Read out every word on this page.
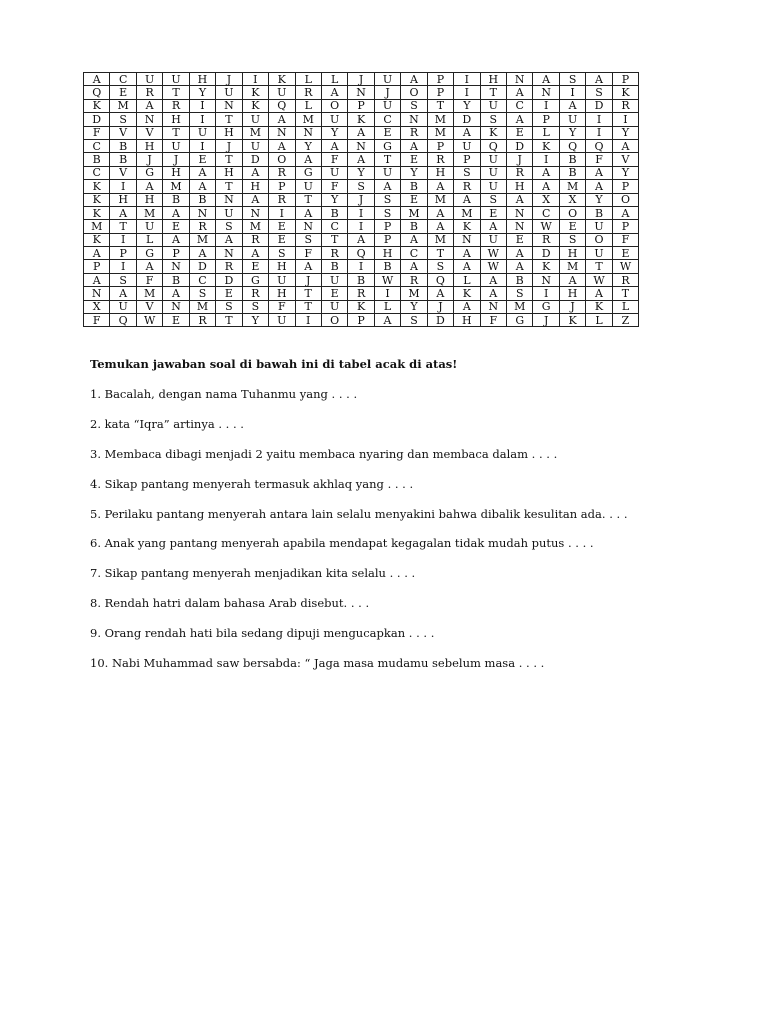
A	C	U	U	H	J	I	K	L	L	J	U	A	P	I	H	N	A	S	A	P
Q	E	R	T	Y	U	K	U	R	A	N	J	O	P	I	T	A	N	I	S	K
K	M	A	R	I	N	K	Q	L	O	P	U	S	T	Y	U	C	I	A	D	R
D	S	N	H	I	T	U	A	M	U	K	C	N	M	D	S	A	P	U	I	I
F	V	V	T	U	H	M	N	N	Y	A	E	R	M	A	K	E	L	Y	I	Y
C	B	H	U	I	J	U	A	Y	A	N	G	A	P	U	Q	D	K	Q	Q	A
B	B	J	J	E	T	D	O	A	F	A	T	E	R	P	U	J	I	B	F	V
C	V	G	H	A	H	A	R	G	U	Y	U	Y	H	S	U	R	A	B	A	Y
K	I	A	M	A	T	H	P	U	F	S	A	B	A	R	U	H	A	M	A	P
K	H	H	B	B	N	A	R	T	Y	J	S	E	M	A	S	A	X	X	Y	O
K	A	M	A	N	U	N	I	A	B	I	S	M	A	M	E	N	C	O	B	A
M	T	U	E	R	S	M	E	N	C	I	P	B	A	K	A	N	W	E	U	P
K	I	L	A	M	A	R	E	S	T	A	P	A	M	N	U	E	R	S	O	F
A	P	G	P	A	N	A	S	F	R	Q	H	C	T	A	W	A	D	H	U	E
P	I	A	N	D	R	E	H	A	B	I	B	A	S	A	W	A	K	M	T	W
A	S	F	B	C	D	G	U	J	U	B	W	R	Q	L	A	B	N	A	W	R
N	A	M	A	S	E	R	H	T	E	R	I	M	A	K	A	S	I	H	A	T
X	U	V	N	M	S	S	F	T	U	K	L	Y	J	A	N	M	G	J	K	L
F	Q	W	E	R	T	Y	U	I	O	P	A	S	D	H	F	G	J	K	L	Z
Temukan jawaban soal di bawah ini di tabel acak di atas!
1. Bacalah, dengan nama Tuhanmu yang . . . .
2. kata “Iqra” artinya . . . .
3. Membaca dibagi menjadi 2 yaitu membaca nyaring dan membaca dalam . . . .
4. Sikap pantang menyerah termasuk akhlaq yang . . . .
5. Perilaku pantang menyerah antara lain selalu menyakini bahwa dibalik kesulitan ada. . . .
6. Anak yang pantang menyerah apabila mendapat kegagalan tidak mudah putus . . . .
7. Sikap pantang menyerah menjadikan kita selalu . . . .
8. Rendah hatri dalam bahasa Arab disebut. . . .
9. Orang rendah hati bila sedang dipuji mengucapkan . . . .
10. Nabi Muhammad saw bersabda: “ Jaga masa mudamu sebelum masa . . . .
